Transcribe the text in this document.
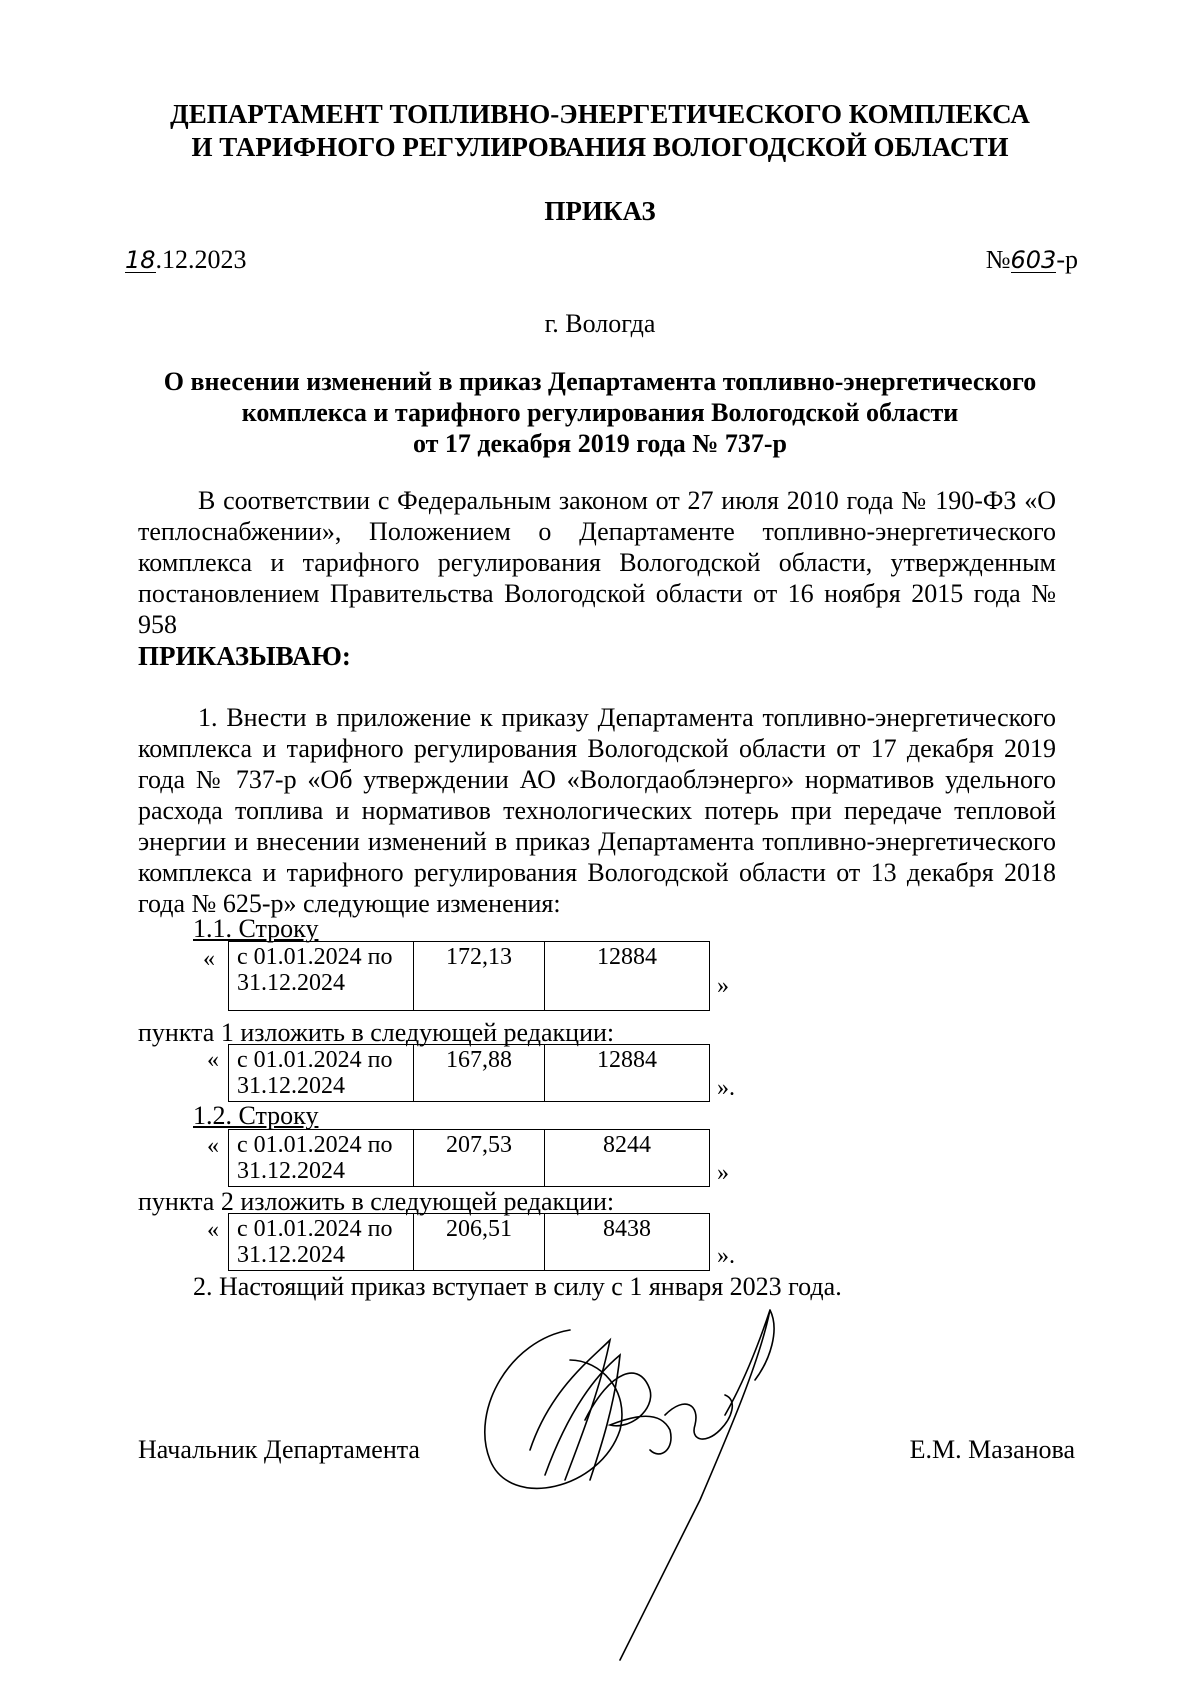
ДЕПАРТАМЕНТ ТОПЛИВНО-ЭНЕРГЕТИЧЕСКОГО КОМПЛЕКСА
И ТАРИФНОГО РЕГУЛИРОВАНИЯ ВОЛОГОДСКОЙ ОБЛАСТИ
ПРИКАЗ
18.12.2023	№603-р
г. Вологда
О внесении изменений в приказ Департамента топливно-энергетического
комплекса и тарифного регулирования Вологодской области
от 17 декабря 2019 года № 737-р
В соответствии с Федеральным законом от 27 июля 2010 года № 190-ФЗ «О теплоснабжении», Положением о Департаменте топливно-энергетического комплекса и тарифного регулирования Вологодской области, утвержденным постановлением Правительства Вологодской области от 16 ноября 2015 года № 958
ПРИКАЗЫВАЮ:
1. Внести в приложение к приказу Департамента топливно-энергетического комплекса и тарифного регулирования Вологодской области от 17 декабря 2019 года № 737-р «Об утверждении АО «Вологдаоблэнерго» нормативов удельного расхода топлива и нормативов технологических потерь при передаче тепловой энергии и внесении изменений в приказ Департамента топливно-энергетического комплекса и тарифного регулирования Вологодской области от 13 декабря 2018 года № 625-р» следующие изменения:
1.1. Строку
« с 01.01.2024 по 31.12.2024	172,13	12884
»
пункта 1 изложить в следующей редакции:
« с 01.01.2024 по 31.12.2024	167,88	12884
».
1.2. Строку
« с 01.01.2024 по 31.12.2024	207,53	8244
»
пункта 2 изложить в следующей редакции:
« с 01.01.2024 по 31.12.2024	206,51	8438
».
2. Настоящий приказ вступает в силу с 1 января 2023 года.
Начальник Департамента	Е.М. Мазанова
